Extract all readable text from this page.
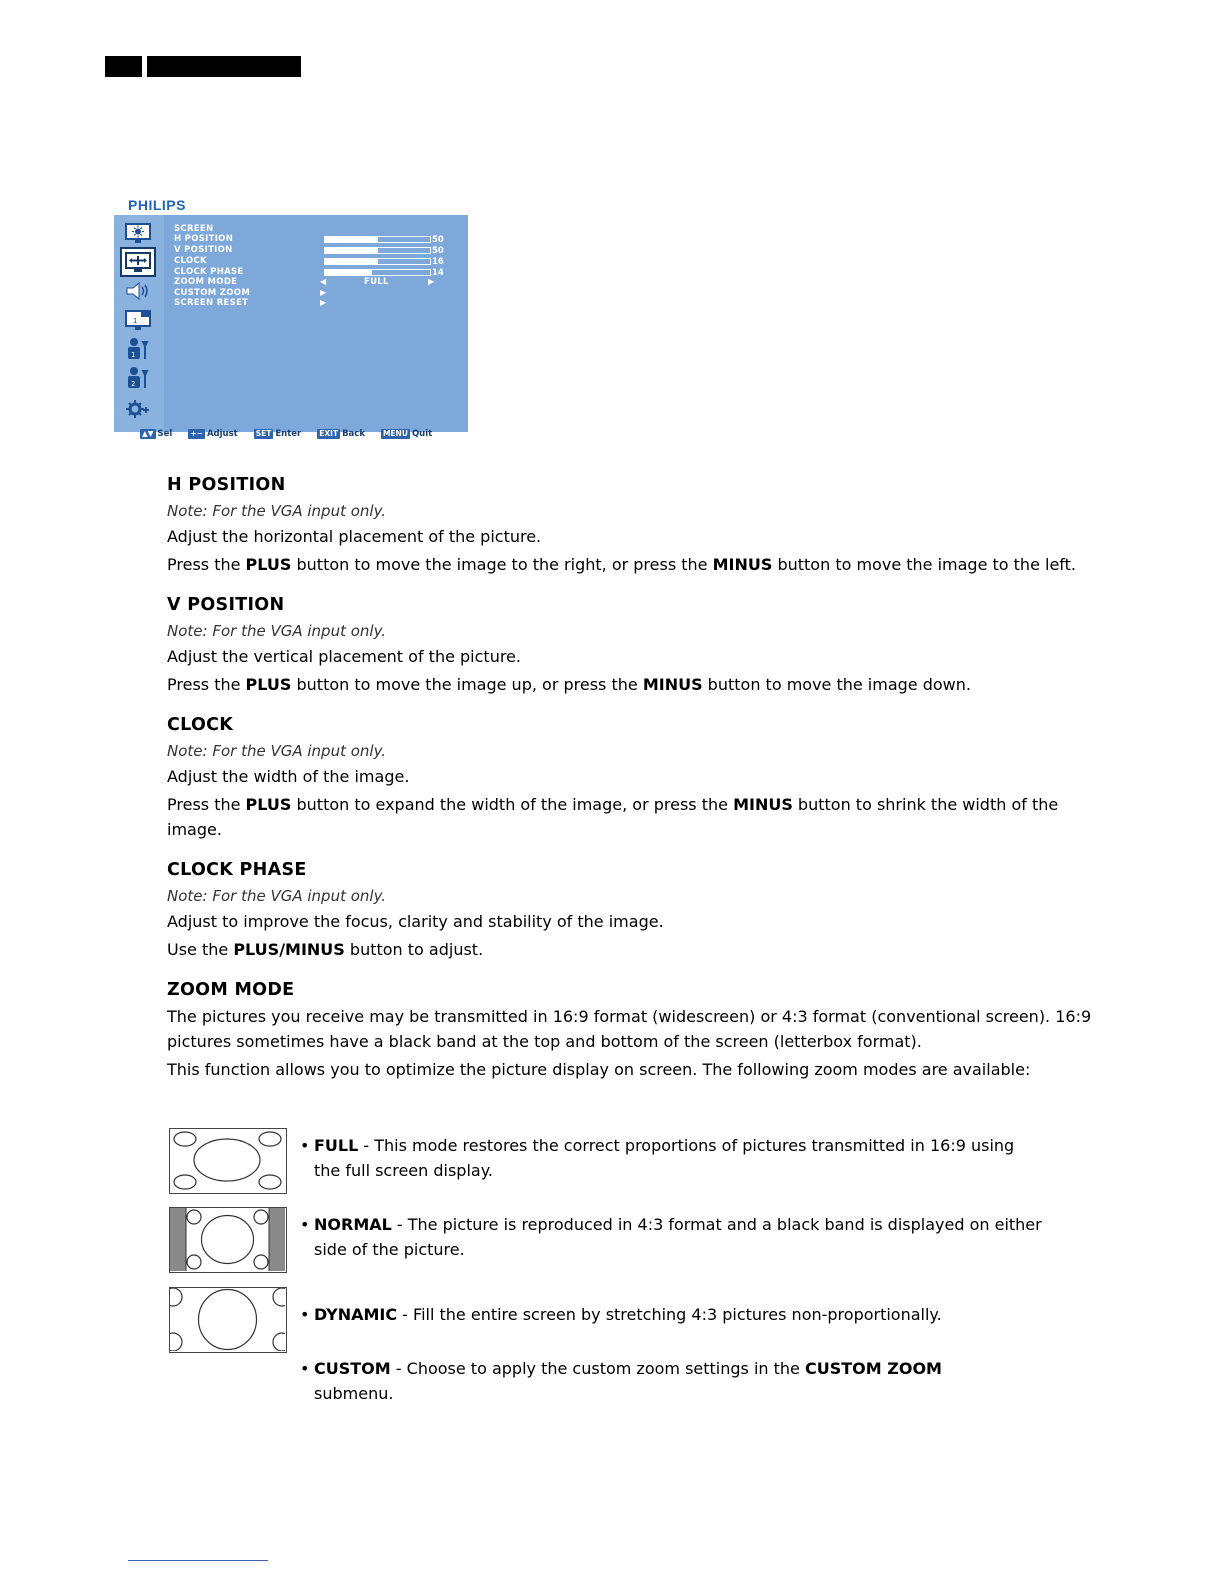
PHILIPS
1
1
2
SCREEN
H POSITION
V POSITION
CLOCK
CLOCK PHASE
ZOOM MODE
CUSTOM ZOOM
SCREEN RESET
50
50
16
14
◀	FULL	▶
▶
▶
▲▼ Sel +− Adjust SET Enter EXIT Back MENU Quit
H POSITION
Note: For the VGA input only.

Adjust the horizontal placement of the picture.

Press the PLUS button to move the image to the right, or press the MINUS button to move the image to the left.

V POSITION
Note: For the VGA input only.

Adjust the vertical placement of the picture.

Press the PLUS button to move the image up, or press the MINUS button to move the image down.

CLOCK
Note: For the VGA input only.

Adjust the width of the image.

Press the PLUS button to expand the width of the image, or press the MINUS button to shrink the width of the image.

CLOCK PHASE
Note: For the VGA input only.

Adjust to improve the focus, clarity and stability of the image.

Use the PLUS/MINUS button to adjust.

ZOOM MODE

The pictures you receive may be transmitted in 16:9 format (widescreen) or 4:3 format (conventional screen). 16:9 pictures sometimes have a black band at the top and bottom of the screen (letterbox format).

This function allows you to optimize the picture display on screen. The following zoom modes are available:

• FULL - This mode restores the correct proportions of pictures transmitted in 16:9 using
the full screen display.
• NORMAL - The picture is reproduced in 4:3 format and a black band is displayed on either
side of the picture.
• DYNAMIC - Fill the entire screen by stretching 4:3 pictures non-proportionally.
• CUSTOM - Choose to apply the custom zoom settings in the CUSTOM ZOOM
submenu.
